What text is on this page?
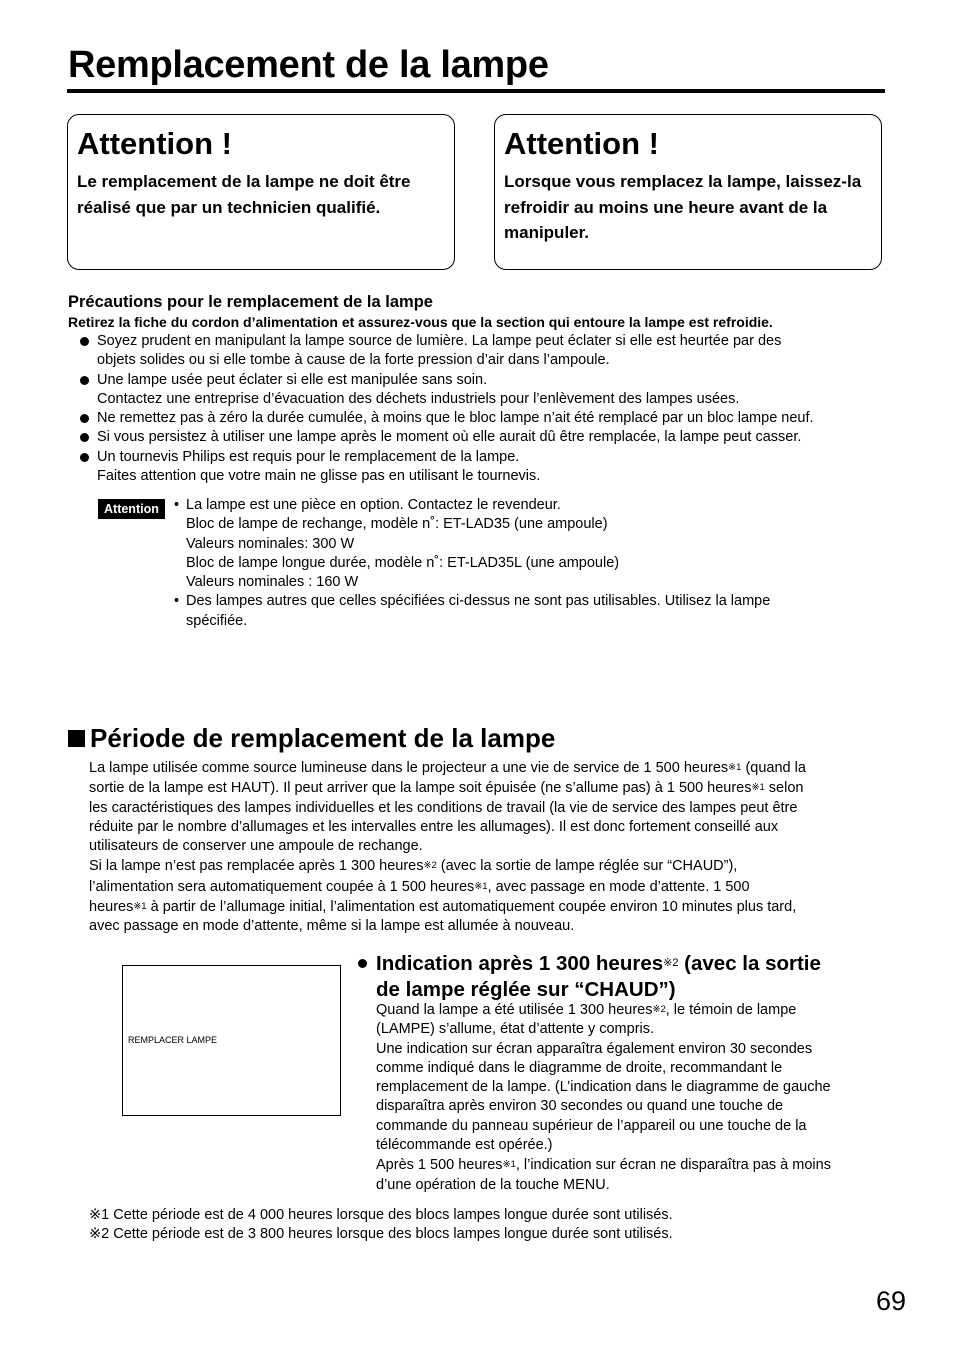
Remplacement de la lampe
Attention !

Le remplacement de la lampe ne doit être réalisé que par un technicien qualifié.

Attention !

Lorsque vous remplacez la lampe, laissez-la refroidir au moins une heure avant de la manipuler.

Précautions pour le remplacement de la lampe

Retirez la fiche du cordon d’alimentation et assurez-vous que la section qui entoure la lampe est refroidie.

Soyez prudent en manipulant la lampe source de lumière. La lampe peut éclater si elle est heurtée par des
objets solides ou si elle tombe à cause de la forte pression d’air dans l’ampoule.
Une lampe usée peut éclater si elle est manipulée sans soin.
Contactez une entreprise d’évacuation des déchets industriels pour l’enlèvement des lampes usées.
Ne remettez pas à zéro la durée cumulée, à moins que le bloc lampe n’ait été remplacé par un bloc lampe neuf.
Si vous persistez à utiliser une lampe après le moment où elle aurait dû être remplacée, la lampe peut casser.
Un tournevis Philips est requis pour le remplacement de la lampe.
Faites attention que votre main ne glisse pas en utilisant le tournevis.
Attention	• La lampe est une pièce en option. Contactez le revendeur.
Bloc de lampe de rechange, modèle n˚: ET-LAD35 (une ampoule)
Valeurs nominales: 300 W
Bloc de lampe longue durée, modèle n˚: ET-LAD35L (une ampoule)
Valeurs nominales : 160 W
• Des lampes autres que celles spécifiées ci-dessus ne sont pas utilisables. Utilisez la lampe
spécifiée.
Période de remplacement de la lampe
La lampe utilisée comme source lumineuse dans le projecteur a une vie de service de 1 500 heures※1 (quand la
sortie de la lampe est HAUT). Il peut arriver que la lampe soit épuisée (ne s’allume pas) à 1 500 heures※1 selon
les caractéristiques des lampes individuelles et les conditions de travail (la vie de service des lampes peut être
réduite par le nombre d’allumages et les intervalles entre les allumages). Il est donc fortement conseillé aux
utilisateurs de conserver une ampoule de rechange.
Si la lampe n’est pas remplacée après 1 300 heures※2 (avec la sortie de lampe réglée sur “CHAUD”),
l’alimentation sera automatiquement coupée à 1 500 heures※1, avec passage en mode d’attente. 1 500
heures※1 à partir de l’allumage initial, l’alimentation est automatiquement coupée environ 10 minutes plus tard,
avec passage en mode d’attente, même si la lampe est allumée à nouveau.
REMPLACER LAMPE
Indication après 1 300 heures※2 (avec la sortie
de lampe réglée sur “CHAUD”)
Quand la lampe a été utilisée 1 300 heures※2, le témoin de lampe
(LAMPE) s’allume, état d’attente y compris.
Une indication sur écran apparaîtra également environ 30 secondes
comme indiqué dans le diagramme de droite, recommandant le
remplacement de la lampe. (L’indication dans le diagramme de gauche
disparaîtra après environ 30 secondes ou quand une touche de
commande du panneau supérieur de l’appareil ou une touche de la
télécommande est opérée.)
Après 1 500 heures※1, l’indication sur écran ne disparaîtra pas à moins
d’une opération de la touche MENU.
※1 Cette période est de 4 000 heures lorsque des blocs lampes longue durée sont utilisés.
※2 Cette période est de 3 800 heures lorsque des blocs lampes longue durée sont utilisés.
69
